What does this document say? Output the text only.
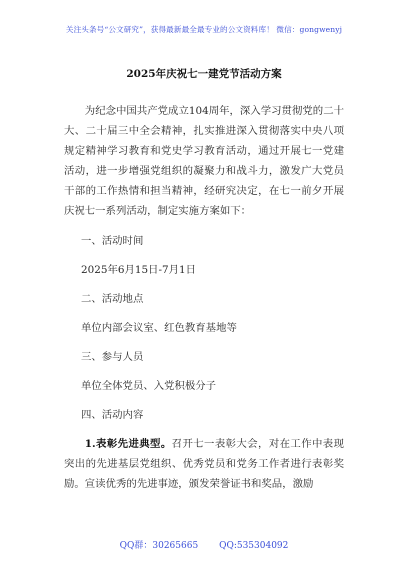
关注头条号“公文研究”，获得最新最全最专业的公文资料库！ 微信：gongwenyj
2025年庆祝七一建党节活动方案

为纪念中国共产党成立104周年，深入学习贯彻党的二十大、二十届三中全会精神，扎实推进深入贯彻落实中央八项规定精神学习教育和党史学习教育活动，通过开展七一党建活动，进一步增强党组织的凝聚力和战斗力，激发广大党员干部的工作热情和担当精神，经研究决定，在七一前夕开展庆祝七一系列活动，制定实施方案如下：

一、活动时间

2025年6月15日-7月1日

二、活动地点

单位内部会议室、红色教育基地等

三、参与人员

单位全体党员、入党积极分子

四、活动内容

1.表彰先进典型。召开七一表彰大会，对在工作中表现突出的先进基层党组织、优秀党员和党务工作者进行表彰奖励。宣读优秀的先进事迹，颁发荣誉证书和奖品，激励

QQ群：30265665 QQ:535304092
